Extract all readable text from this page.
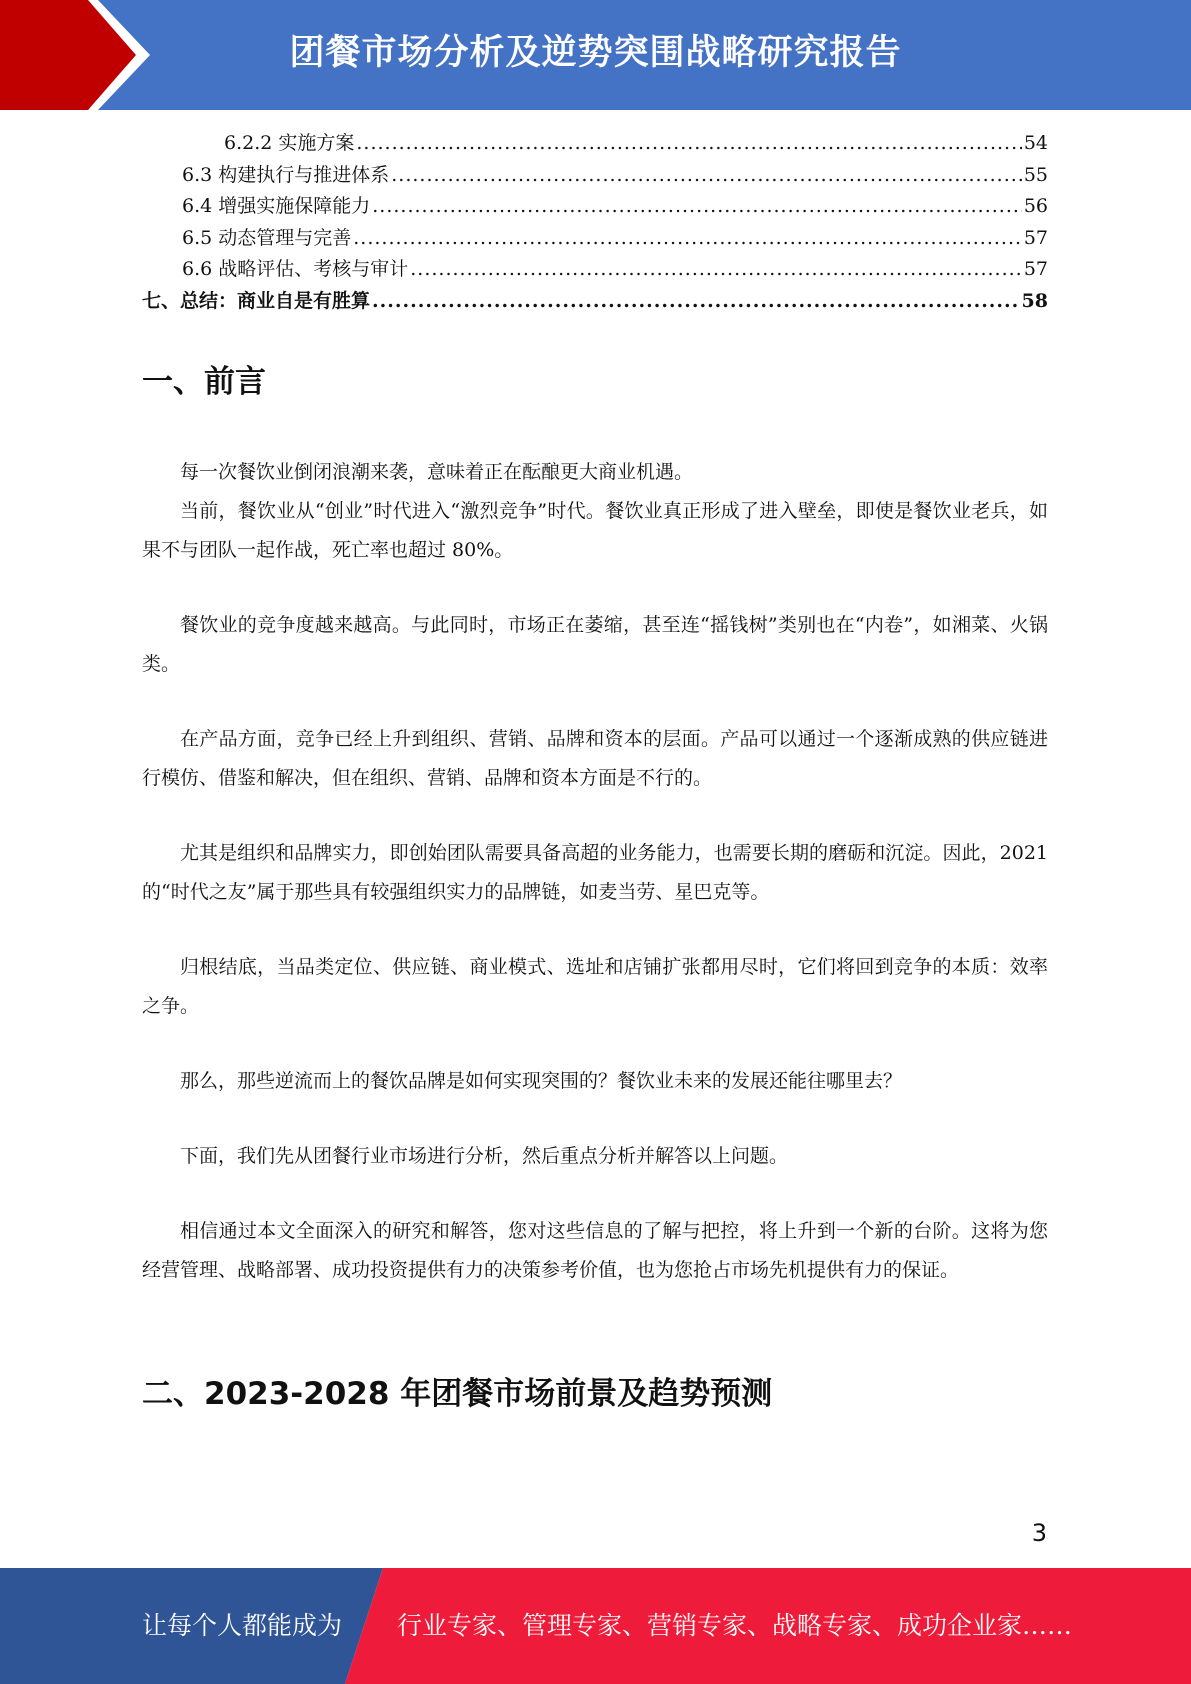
团餐市场分析及逆势突围战略研究报告
6.2.2 实施方案 .....	54
6.3 构建执行与推进体系 .....	55
6.4 增强实施保障能力 .....	56
6.5 动态管理与完善 .....	57
6.6 战略评估、考核与审计 .....	57
七、总结：商业自是有胜算 .....	58
一、前言

每一次餐饮业倒闭浪潮来袭，意味着正在酝酿更大商业机遇。

当前，餐饮业从“创业”时代进入“激烈竞争”时代。餐饮业真正形成了进入壁垒，即使是餐饮业老兵，如果不与团队一起作战，死亡率也超过 80%。

餐饮业的竞争度越来越高。与此同时，市场正在萎缩，甚至连“摇钱树”类别也在“内卷”，如湘菜、火锅类。

在产品方面，竞争已经上升到组织、营销、品牌和资本的层面。产品可以通过一个逐渐成熟的供应链进行模仿、借鉴和解决，但在组织、营销、品牌和资本方面是不行的。

尤其是组织和品牌实力，即创始团队需要具备高超的业务能力，也需要长期的磨砺和沉淀。因此，2021 的“时代之友”属于那些具有较强组织实力的品牌链，如麦当劳、星巴克等。

归根结底，当品类定位、供应链、商业模式、选址和店铺扩张都用尽时，它们将回到竞争的本质：效率之争。

那么，那些逆流而上的餐饮品牌是如何实现突围的？餐饮业未来的发展还能往哪里去？

下面，我们先从团餐行业市场进行分析，然后重点分析并解答以上问题。

相信通过本文全面深入的研究和解答，您对这些信息的了解与把控，将上升到一个新的台阶。这将为您经营管理、战略部署、成功投资提供有力的决策参考价值，也为您抢占市场先机提供有力的保证。

二、2023-2028 年团餐市场前景及趋势预测
3
让每个人都能成为 行业专家、管理专家、营销专家、战略专家、成功企业家……
